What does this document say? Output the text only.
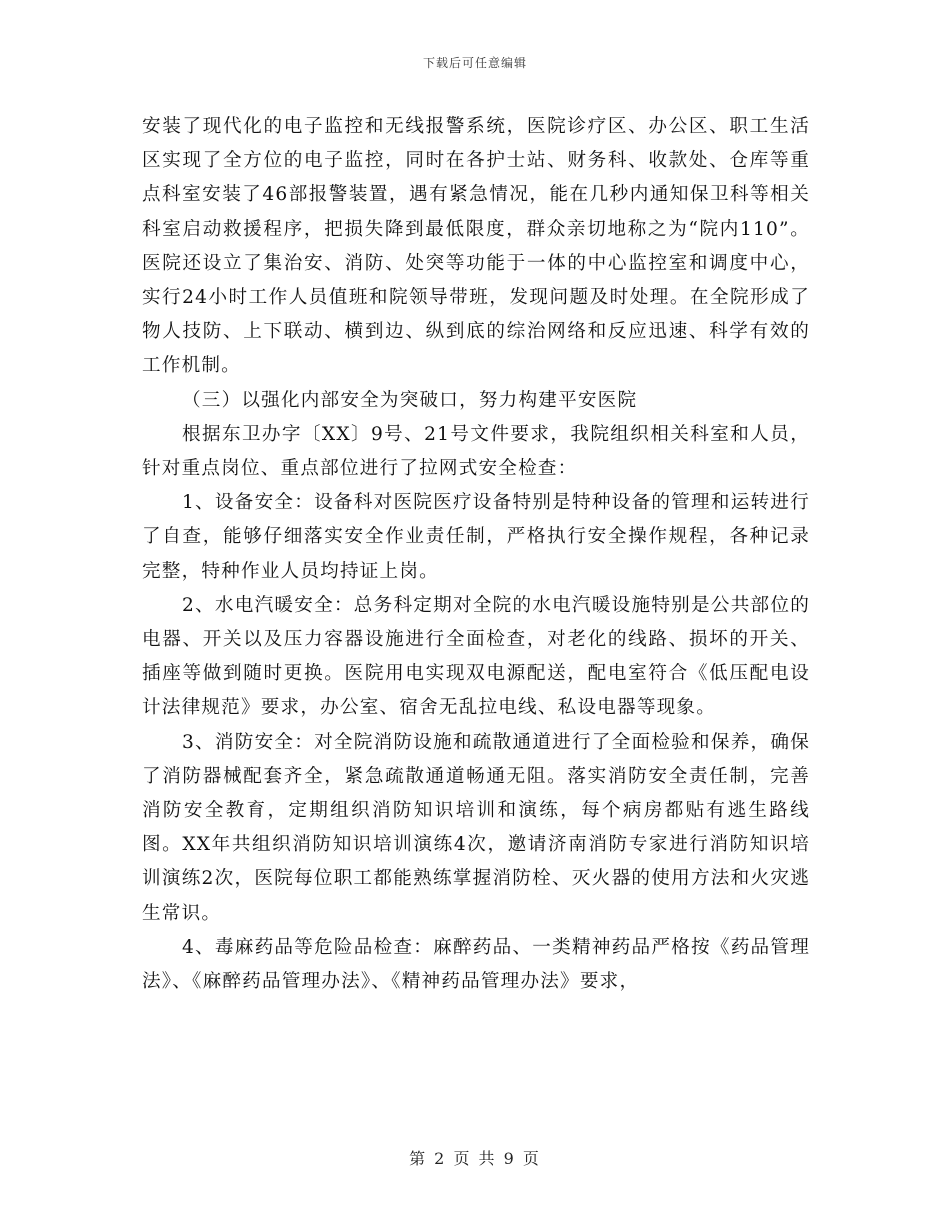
下载后可任意编辑

安装了现代化的电子监控和无线报警系统，医院诊疗区、办公区、职工生活区实现了全方位的电子监控，同时在各护士站、财务科、收款处、仓库等重点科室安装了46部报警装置，遇有紧急情况，能在几秒内通知保卫科等相关科室启动救援程序，把损失降到最低限度，群众亲切地称之为“院内110”。医院还设立了集治安、消防、处突等功能于一体的中心监控室和调度中心，实行24小时工作人员值班和院领导带班，发现问题及时处理。在全院形成了物人技防、上下联动、横到边、纵到底的综治网络和反应迅速、科学有效的工作机制。

（三）以强化内部安全为突破口，努力构建平安医院

根据东卫办字〔XX〕9号、21号文件要求，我院组织相关科室和人员，针对重点岗位、重点部位进行了拉网式安全检查：

1、设备安全：设备科对医院医疗设备特别是特种设备的管理和运转进行了自查，能够仔细落实安全作业责任制，严格执行安全操作规程，各种记录完整，特种作业人员均持证上岗。

2、水电汽暖安全：总务科定期对全院的水电汽暖设施特别是公共部位的电器、开关以及压力容器设施进行全面检查，对老化的线路、损坏的开关、插座等做到随时更换。医院用电实现双电源配送，配电室符合《低压配电设计法律规范》要求，办公室、宿舍无乱拉电线、私设电器等现象。

3、消防安全：对全院消防设施和疏散通道进行了全面检验和保养，确保了消防器械配套齐全，紧急疏散通道畅通无阻。落实消防安全责任制，完善消防安全教育，定期组织消防知识培训和演练，每个病房都贴有逃生路线图。XX年共组织消防知识培训演练4次，邀请济南消防专家进行消防知识培训演练2次，医院每位职工都能熟练掌握消防栓、灭火器的使用方法和火灾逃生常识。

4、毒麻药品等危险品检查：麻醉药品、一类精神药品严格按《药品管理法》、《麻醉药品管理办法》、《精神药品管理办法》要求，

第 2 页 共 9 页
